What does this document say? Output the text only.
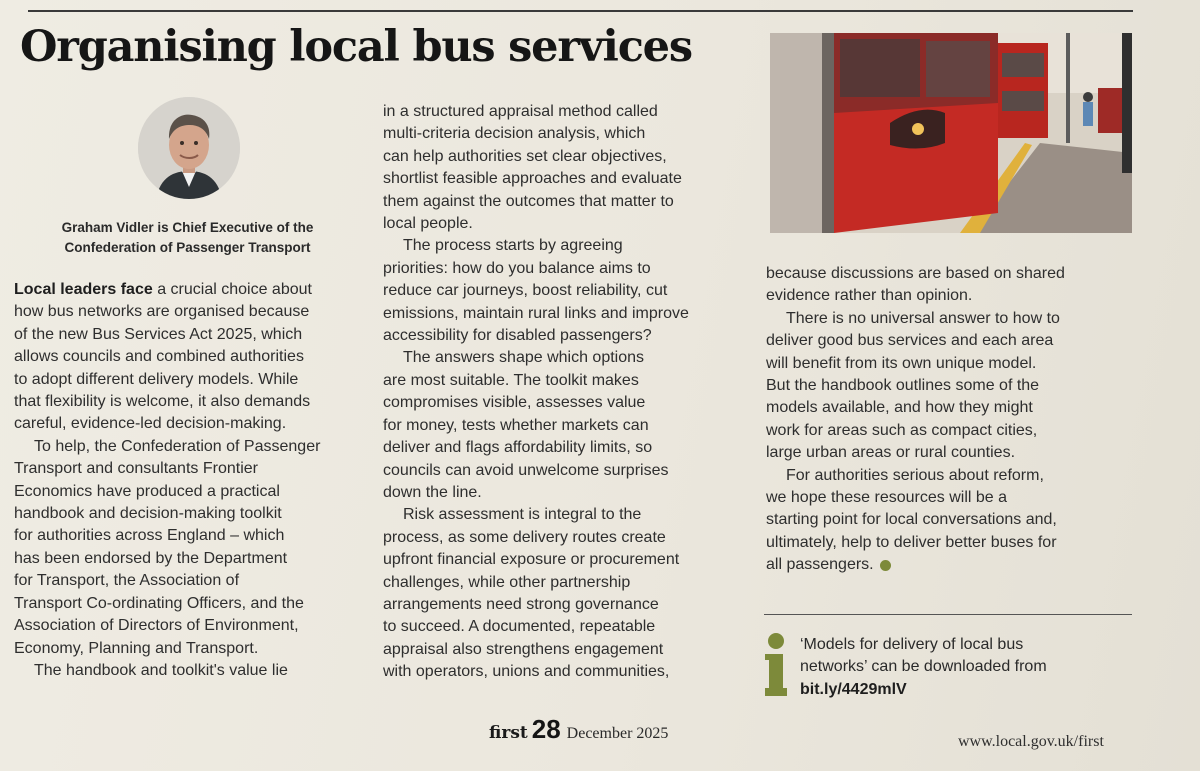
Organising local bus services
Graham Vidler is Chief Executive of the
Confederation of Passenger Transport

Local leaders face a crucial choice about

how bus networks are organised because

of the new Bus Services Act 2025, which

allows councils and combined authorities

to adopt different delivery models. While

that flexibility is welcome, it also demands

careful, evidence-led decision-making.

To help, the Confederation of Passenger

Transport and consultants Frontier

Economics have produced a practical

handbook and decision-making toolkit

for authorities across England – which

has been endorsed by the Department

for Transport, the Association of

Transport Co-ordinating Officers, and the

Association of Directors of Environment,

Economy, Planning and Transport.

The handbook and toolkit's value lie

in a structured appraisal method called

multi-criteria decision analysis, which

can help authorities set clear objectives,

shortlist feasible approaches and evaluate

them against the outcomes that matter to

local people.

The process starts by agreeing

priorities: how do you balance aims to

reduce car journeys, boost reliability, cut

emissions, maintain rural links and improve

accessibility for disabled passengers?

The answers shape which options

are most suitable. The toolkit makes

compromises visible, assesses value

for money, tests whether markets can

deliver and flags affordability limits, so

councils can avoid unwelcome surprises

down the line.

Risk assessment is integral to the

process, as some delivery routes create

upfront financial exposure or procurement

challenges, while other partnership

arrangements need strong governance

to succeed. A documented, repeatable

appraisal also strengthens engagement

with operators, unions and communities,

because discussions are based on shared

evidence rather than opinion.

There is no universal answer to how to

deliver good bus services and each area

will benefit from its own unique model.

But the handbook outlines some of the

models available, and how they might

work for areas such as compact cities,

large urban areas or rural counties.

For authorities serious about reform,

we hope these resources will be a

starting point for local conversations and,

ultimately, help to deliver better buses for

all passengers.

‘Models for delivery of local bus
networks’ can be downloaded from
bit.ly/4429mlV
first 28 December 2025	www.local.gov.uk/first
